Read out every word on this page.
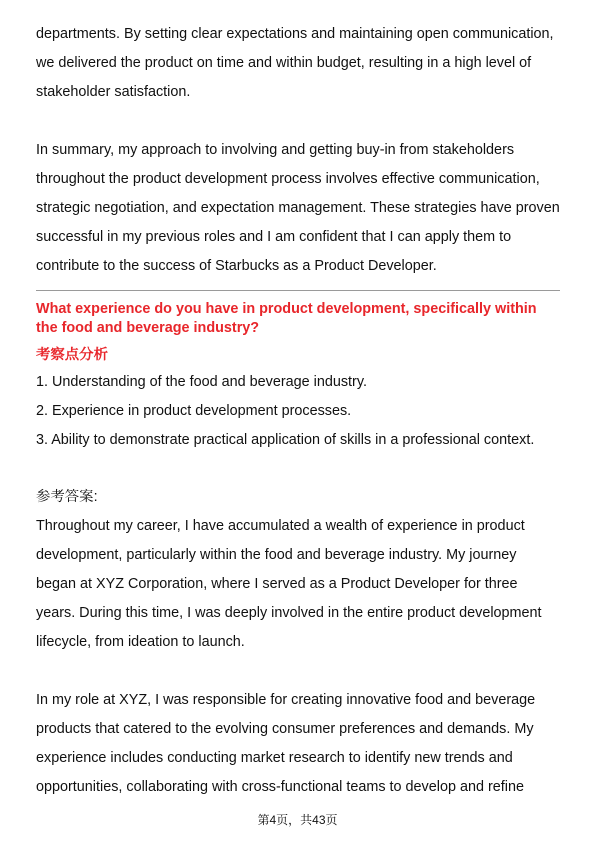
departments. By setting clear expectations and maintaining open communication, we delivered the product on time and within budget, resulting in a high level of stakeholder satisfaction.

In summary, my approach to involving and getting buy-in from stakeholders throughout the product development process involves effective communication, strategic negotiation, and expectation management. These strategies have proven successful in my previous roles and I am confident that I can apply them to contribute to the success of Starbucks as a Product Developer.

What experience do you have in product development, specifically within the food and beverage industry?

考察点分析

1. Understanding of the food and beverage industry.
2. Experience in product development processes.
3. Ability to demonstrate practical application of skills in a professional context.

参考答案:

Throughout my career, I have accumulated a wealth of experience in product development, particularly within the food and beverage industry. My journey began at XYZ Corporation, where I served as a Product Developer for three years. During this time, I was deeply involved in the entire product development lifecycle, from ideation to launch.

In my role at XYZ, I was responsible for creating innovative food and beverage products that catered to the evolving consumer preferences and demands. My experience includes conducting market research to identify new trends and opportunities, collaborating with cross-functional teams to develop and refine

第4页，共43页
